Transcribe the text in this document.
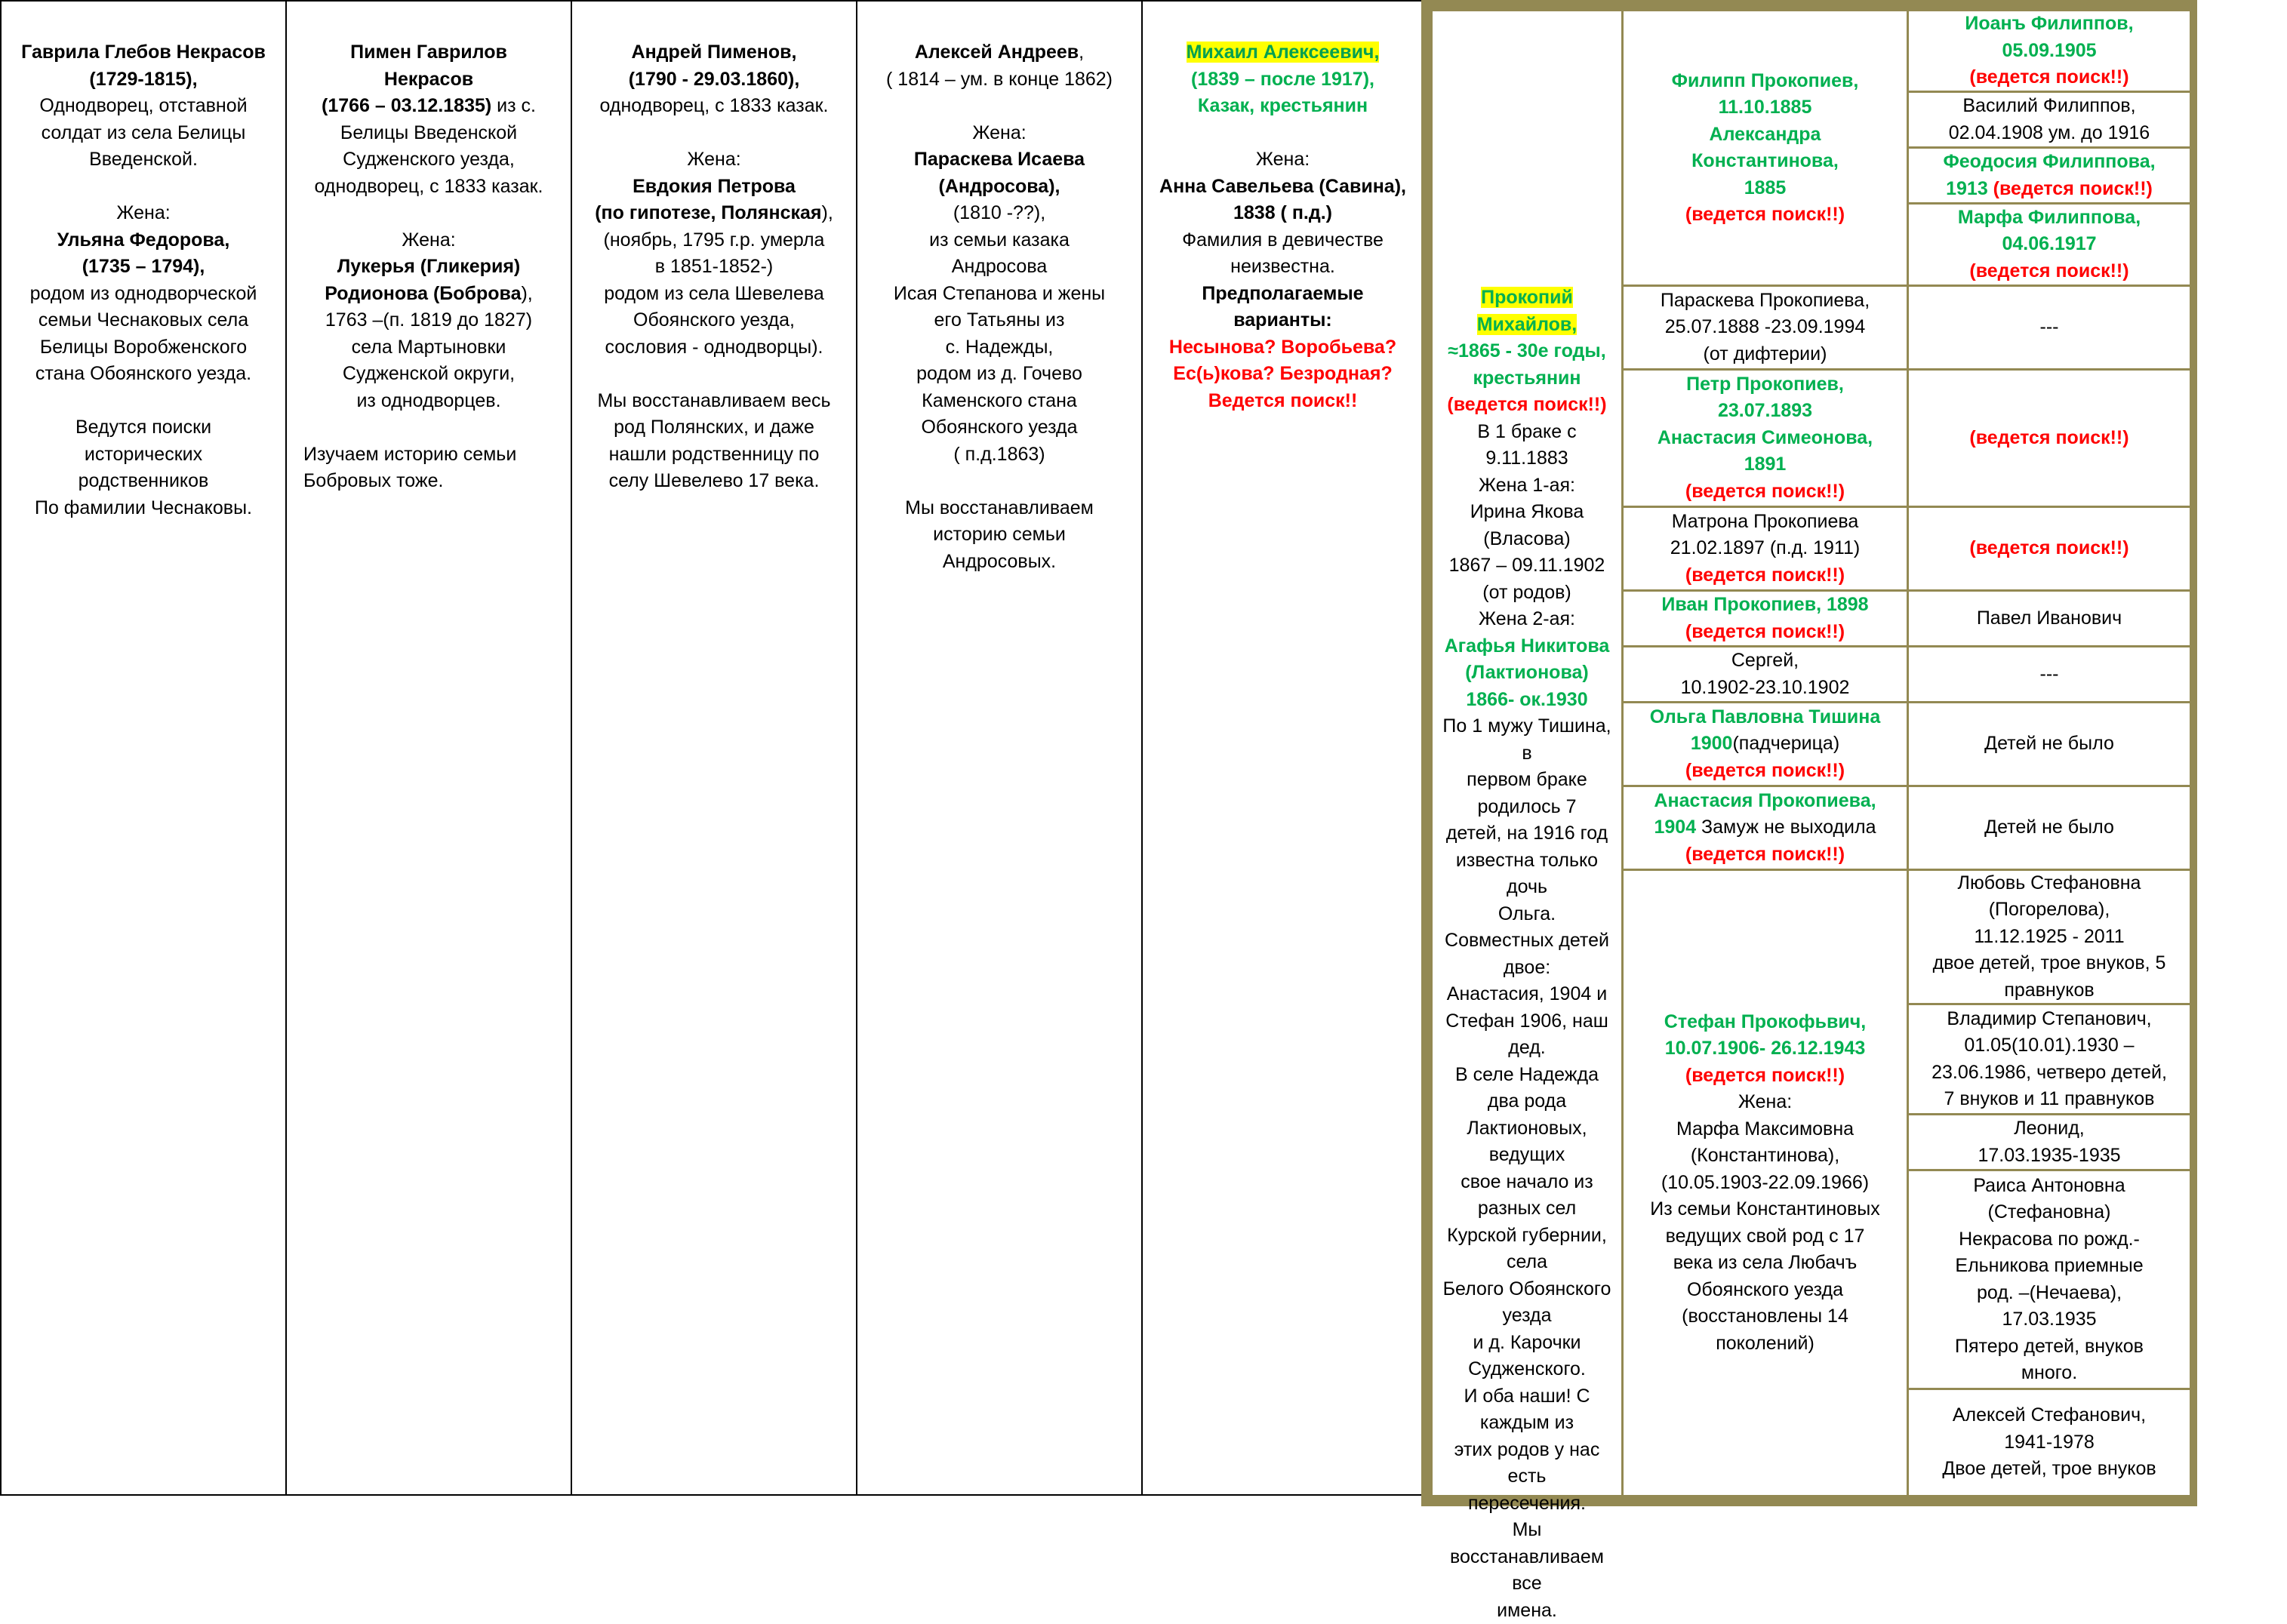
Гаврила Глебов Некрасов

(1729-1815),

Однодворец, отставной

солдат из села Белицы

Введенской.

Жена:

Ульяна Федорова,

(1735 – 1794),

родом из однодворческой

семьи Чеснаковых села

Белицы Воробженского

стана Обоянского уезда.

Ведутся поиски

исторических

родственников

По фамилии Чеснаковы.

Пимен Гаврилов

Некрасов

(1766 – 03.12.1835) из с.

Белицы Введенской

Судженского уезда,

однодворец, с 1833 казак.

Жена:

Лукерья (Гликерия)

Родионова (Боброва),

1763 –(п. 1819 до 1827)

села Мартыновки

Судженской округи,

из однодворцев.

Изучаем историю семьи

Бобровых тоже.

Андрей Пименов,

(1790 - 29.03.1860),

однодворец, с 1833 казак.

Жена:

Евдокия Петрова

(по гипотезе, Полянская),

(ноябрь, 1795 г.р. умерла

в 1851-1852-)

родом из села Шевелева

Обоянского уезда,

сословия - однодворцы).

Мы восстанавливаем весь

род Полянских, и даже

нашли родственницу по

селу Шевелево 17 века.

Алексей Андреев,

( 1814 – ум. в конце 1862)

Жена:

Параскева Исаева

(Андросова),

(1810 -??),

из семьи казака

Андросова

Исая Степанова и жены

его Татьяны из

с. Надежды,

родом из д. Гочево

Каменского стана

Обоянского уезда

( п.д.1863)

Мы восстанавливаем

историю семьи

Андросовых.

Михаил Алексеевич,

(1839 – после 1917),

Казак, крестьянин

Жена:

Анна Савельева (Савина),

1838 ( п.д.)

Фамилия в девичестве

неизвестна.

Предполагаемые

варианты:

Несынова? Воробьева?

Ес(ь)кова? Безродная?

Ведется поиск!!

Прокопий Михайлов,

≈1865 - 30е годы,

крестьянин

(ведется поиск!!)

В 1 браке с 9.11.1883

Жена 1-ая:

Ирина Якова (Власова)

1867 – 09.11.1902

(от родов)

Жена 2-ая:

Агафья Никитова

(Лактионова)

1866- ок.1930

По 1 мужу Тишина, в

первом браке родилось 7

детей, на 1916 год

известна только дочь

Ольга.

Совместных детей двое:

Анастасия, 1904 и

Стефан 1906, наш дед.

В селе Надежда два рода

Лактионовых, ведущих

свое начало из разных сел

Курской губернии, села

Белого Обоянского уезда

и д. Карочки Судженского.

И оба наши! С каждым из

этих родов у нас есть

пересечения.

Мы восстанавливаем все

имена.

Филипп Прокопиев,

11.10.1885

Александра

Константинова,

1885

(ведется поиск!!)

Параскева Прокопиева,

25.07.1888 -23.09.1994

(от дифтерии)

Петр Прокопиев,

23.07.1893

Анастасия Симеонова,

1891

(ведется поиск!!)

Матрона Прокопиева

21.02.1897 (п.д. 1911)

(ведется поиск!!)

Иван Прокопиев, 1898

(ведется поиск!!)

Сергей,

10.1902-23.10.1902

Ольга Павловна Тишина

1900(падчерица)

(ведется поиск!!)

Анастасия Прокопиева,

1904 Замуж не выходила

(ведется поиск!!)

Стефан Прокофьвич,

10.07.1906- 26.12.1943

(ведется поиск!!)

Жена:

Марфа Максимовна

(Константинова),

(10.05.1903-22.09.1966)

Из семьи Константиновых

ведущих свой род с 17

века из села Любачъ

Обоянского уезда

(восстановлены 14

поколений)

Иоанъ Филиппов,

05.09.1905

(ведется поиск!!)

Василий Филиппов,

02.04.1908 ум. до 1916

Феодосия Филиппова,

1913 (ведется поиск!!)

Марфа Филиппова,

04.06.1917

(ведется поиск!!)

---

(ведется поиск!!)

(ведется поиск!!)

Павел Иванович

---

Детей не было

Детей не было

Любовь Стефановна

(Погорелова),

11.12.1925 - 2011

двое детей, трое внуков, 5

правнуков

Владимир Степанович,

01.05(10.01).1930 –

23.06.1986, четверо детей,

7 внуков и 11 правнуков

Леонид,

17.03.1935-1935

Раиса Антоновна

(Стефановна)

Некрасова по рожд.-

Ельникова приемные

род. –(Нечаева),

17.03.1935

Пятеро детей, внуков

много.

Алексей Стефанович,

1941-1978

Двое детей, трое внуков
